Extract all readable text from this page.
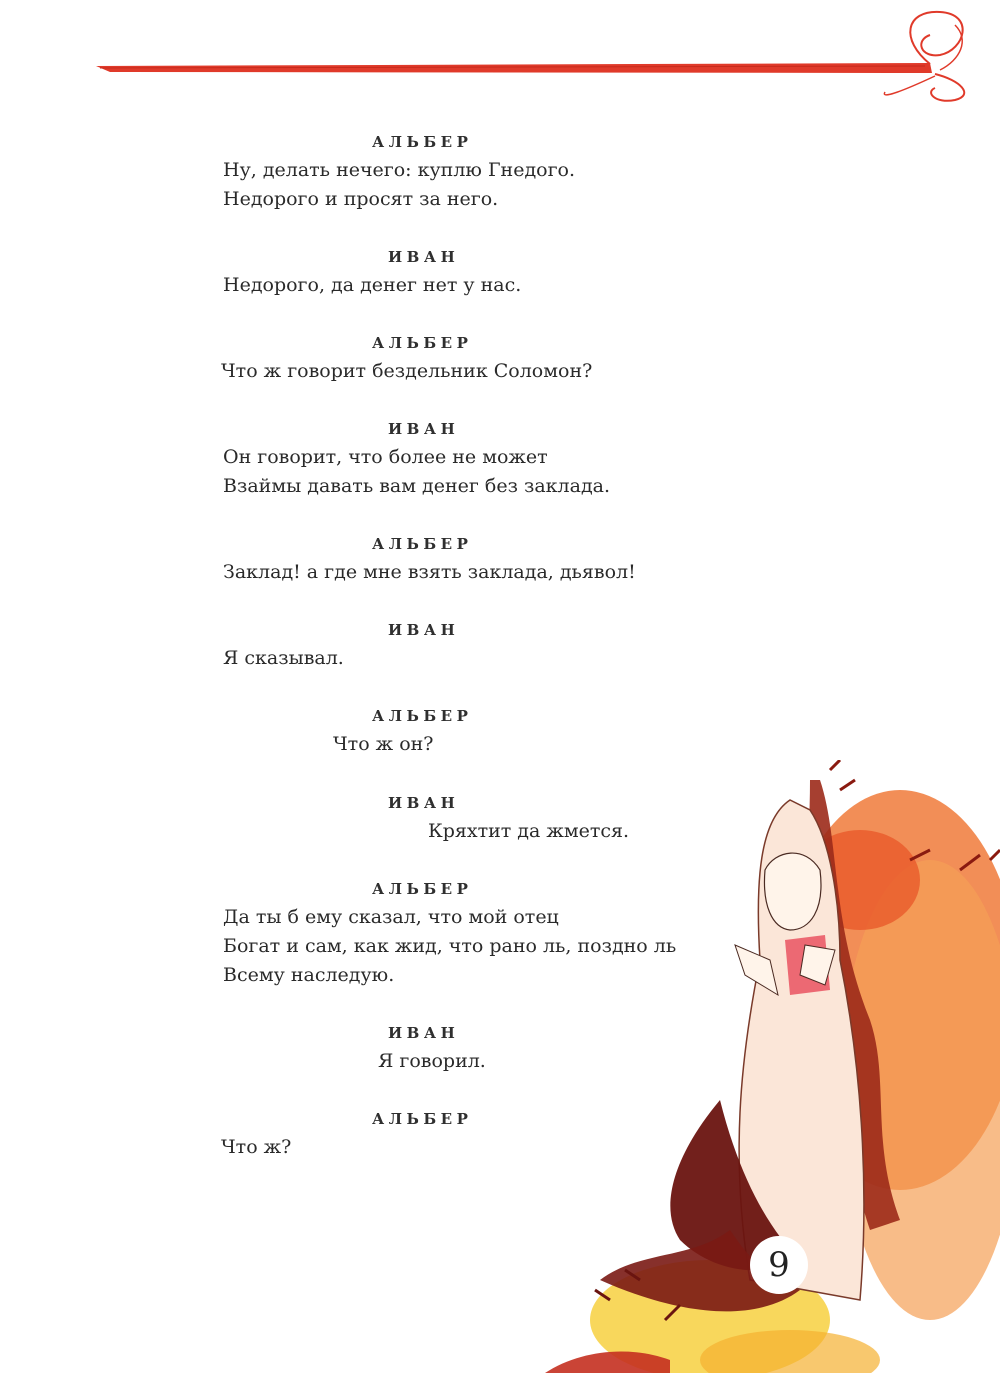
9
АЛЬБЕР
Ну, делать нечего: куплю Гнедого.
Недорого и просят за него.
ИВАН
Недорого, да денег нет у нас.
АЛЬБЕР
Что ж говорит бездельник Соломон?
ИВАН
Он говорит, что более не может
Взаймы давать вам денег без заклада.
АЛЬБЕР
Заклад! а где мне взять заклада, дьявол!
ИВАН
Я сказывал.
АЛЬБЕР
Что ж он?
ИВАН
Кряхтит да жмется.
АЛЬБЕР
Да ты б ему сказал, что мой отец
Богат и сам, как жид, что рано ль, поздно ль
Всему наследую.
ИВАН
Я говорил.
АЛЬБЕР
Что ж?
